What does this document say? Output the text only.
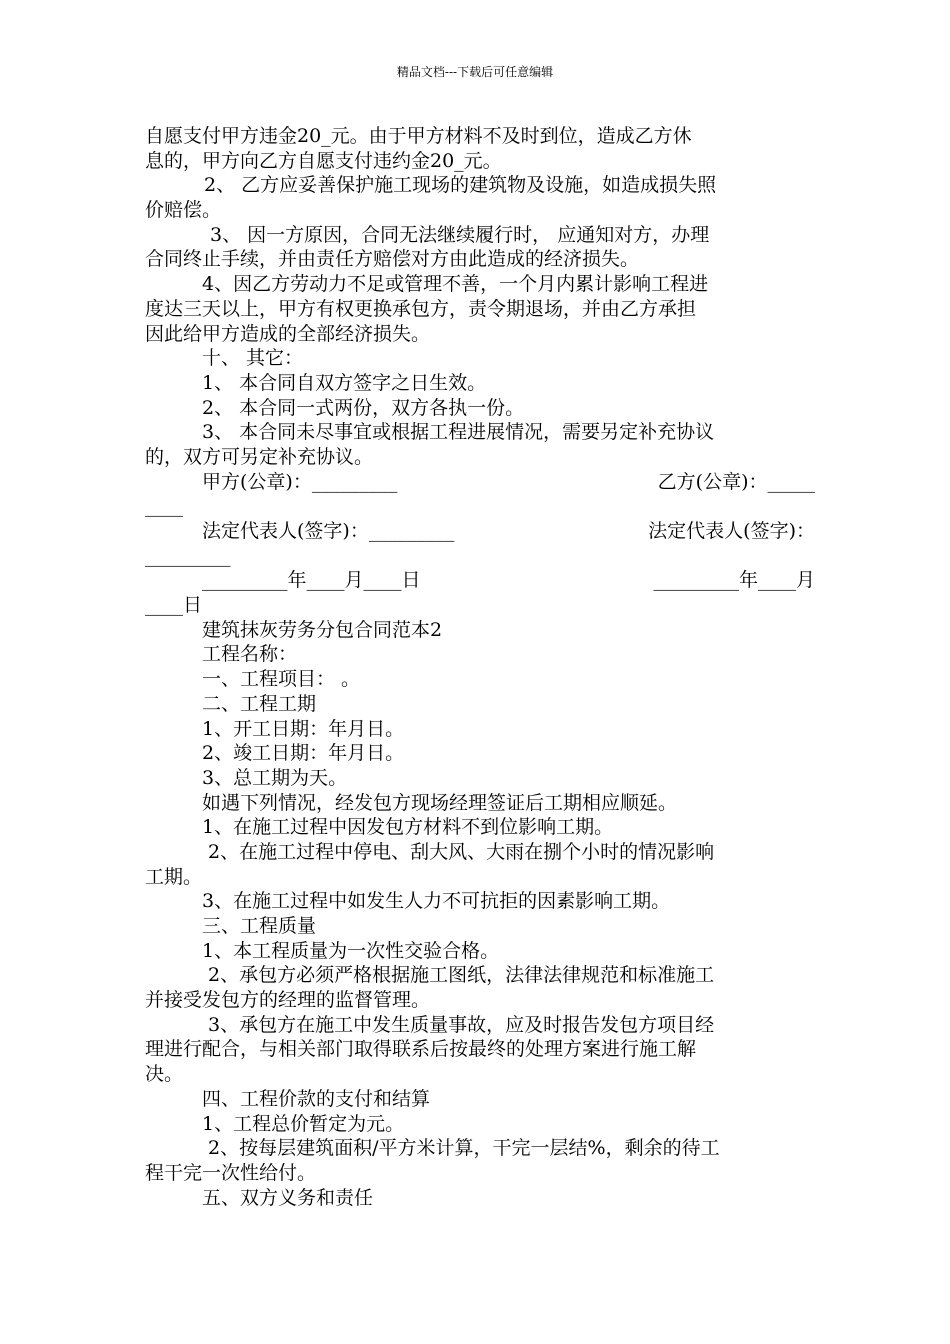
精品文档---下载后可任意编辑
自愿支付甲方违金20_元。由于甲方材料不及时到位，造成乙方休
息的，甲方向乙方自愿支付违约金20_元。
2、 乙方应妥善保护施工现场的建筑物及设施，如造成损失照
价赔偿。
3、 因一方原因，合同无法继续履行时， 应通知对方，办理
合同终止手续，并由责任方赔偿对方由此造成的经济损失。
4、因乙方劳动力不足或管理不善，一个月内累计影响工程进
度达三天以上，甲方有权更换承包方，责令期退场，并由乙方承担
因此给甲方造成的全部经济损失。
十、 其它：
1、 本合同自双方签字之日生效。
2、 本合同一式两份，双方各执一份。
3、 本合同未尽事宜或根据工程进展情况，需要另定补充协议
的，双方可另定补充协议。
甲方(公章)：_________	乙方(公章)：_____
____
法定代表人(签字)：_________	法定代表人(签字)：
_________
_________年____月____日	_________年____月
____日
建筑抹灰劳务分包合同范本2
工程名称：
一、工程项目： 。
二、工程工期
1、开工日期：年月日。
2、竣工日期：年月日。
3、总工期为天。
如遇下列情况，经发包方现场经理签证后工期相应顺延。
1、在施工过程中因发包方材料不到位影响工期。
2、在施工过程中停电、刮大风、大雨在捌个小时的情况影响
工期。
3、在施工过程中如发生人力不可抗拒的因素影响工期。
三、工程质量
1、本工程质量为一次性交验合格。
2、承包方必须严格根据施工图纸，法律法律规范和标准施工
并接受发包方的经理的监督管理。
3、承包方在施工中发生质量事故，应及时报告发包方项目经
理进行配合，与相关部门取得联系后按最终的处理方案进行施工解
决。
四、工程价款的支付和结算
1、工程总价暂定为元。
2、按每层建筑面积/平方米计算，干完一层结%，剩余的待工
程干完一次性给付。
五、双方义务和责任
